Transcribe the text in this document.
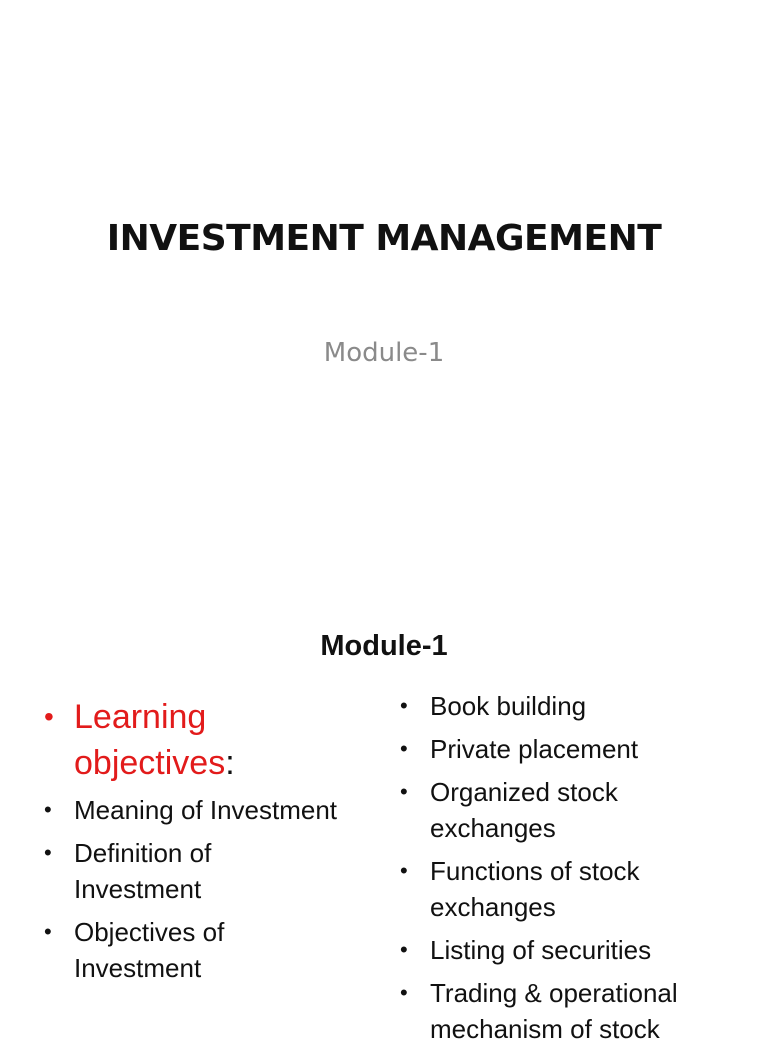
INVESTMENT MANAGEMENT
Module-1
Module-1
• Learning objectives:
• Meaning of Investment
• Definition of Investment
• Objectives of Investment
• Book building
• Private placement
• Organized stock exchanges
• Functions of stock exchanges
• Listing of securities
• Trading & operational mechanism of stock
